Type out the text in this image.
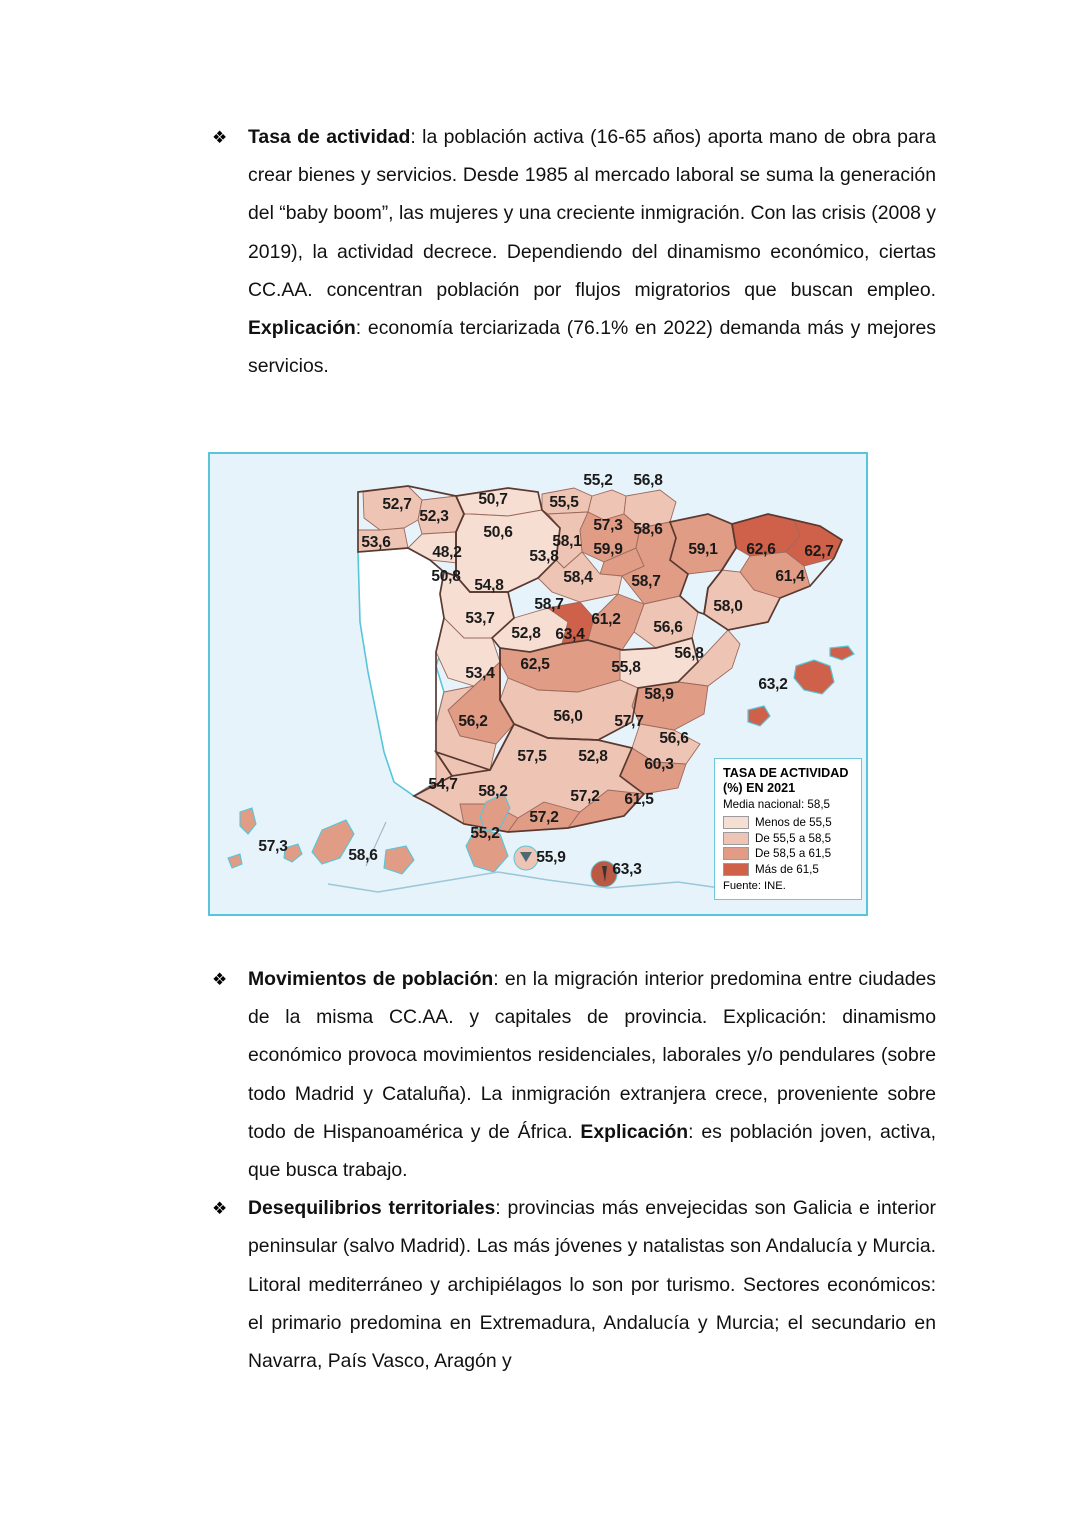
❖ Tasa de actividad: la población activa (16-65 años) aporta mano de obra para crear bienes y servicios. Desde 1985 al mercado laboral se suma la generación del “baby boom”, las mujeres y una creciente inmigración. Con las crisis (2008 y 2019), la actividad decrece. Dependiendo del dinamismo económico, ciertas CC.AA. concentran población por flujos migratorios que buscan empleo. Explicación: economía terciarizada (76.1% en 2022) demanda más y mejores servicios.

52,7
52,3
53,6
48,2
50,7
50,6
50,8
54,8
55,5
55,2 56,8
57,3 58,6
58,1 59,9
53,8
58,4 58,7
59,1 62,6 62,7
61,4
58,0
58,7
61,2 56,6
53,7
52,8 63,4
62,5
53,4	55,8
56,8
63,2
58,9
56,2	56,0 57,7
56,6
57,5 52,8 60,3
54,7 58,2	57,2 61,5
57,2
55,2
55,9
63,3
57,3
58,6
TASA DE ACTIVIDAD
(%) EN 2021
Media nacional: 58,5
Menos de 55,5
De 55,5 a 58,5
De 58,5 a 61,5
Más de 61,5
Fuente: INE.
❖ Movimientos de población: en la migración interior predomina entre ciudades de la misma CC.AA. y capitales de provincia. Explicación: dinamismo económico provoca movimientos residenciales, laborales y/o pendulares (sobre todo Madrid y Cataluña). La inmigración extranjera crece, proveniente sobre todo de Hispanoamérica y de África. Explicación: es población joven, activa, que busca trabajo.

❖ Desequilibrios territoriales: provincias más envejecidas son Galicia e interior peninsular (salvo Madrid). Las más jóvenes y natalistas son Andalucía y Murcia. Litoral mediterráneo y archipiélagos lo son por turismo. Sectores económicos: el primario predomina en Extremadura, Andalucía y Murcia; el secundario en Navarra, País Vasco, Aragón y
